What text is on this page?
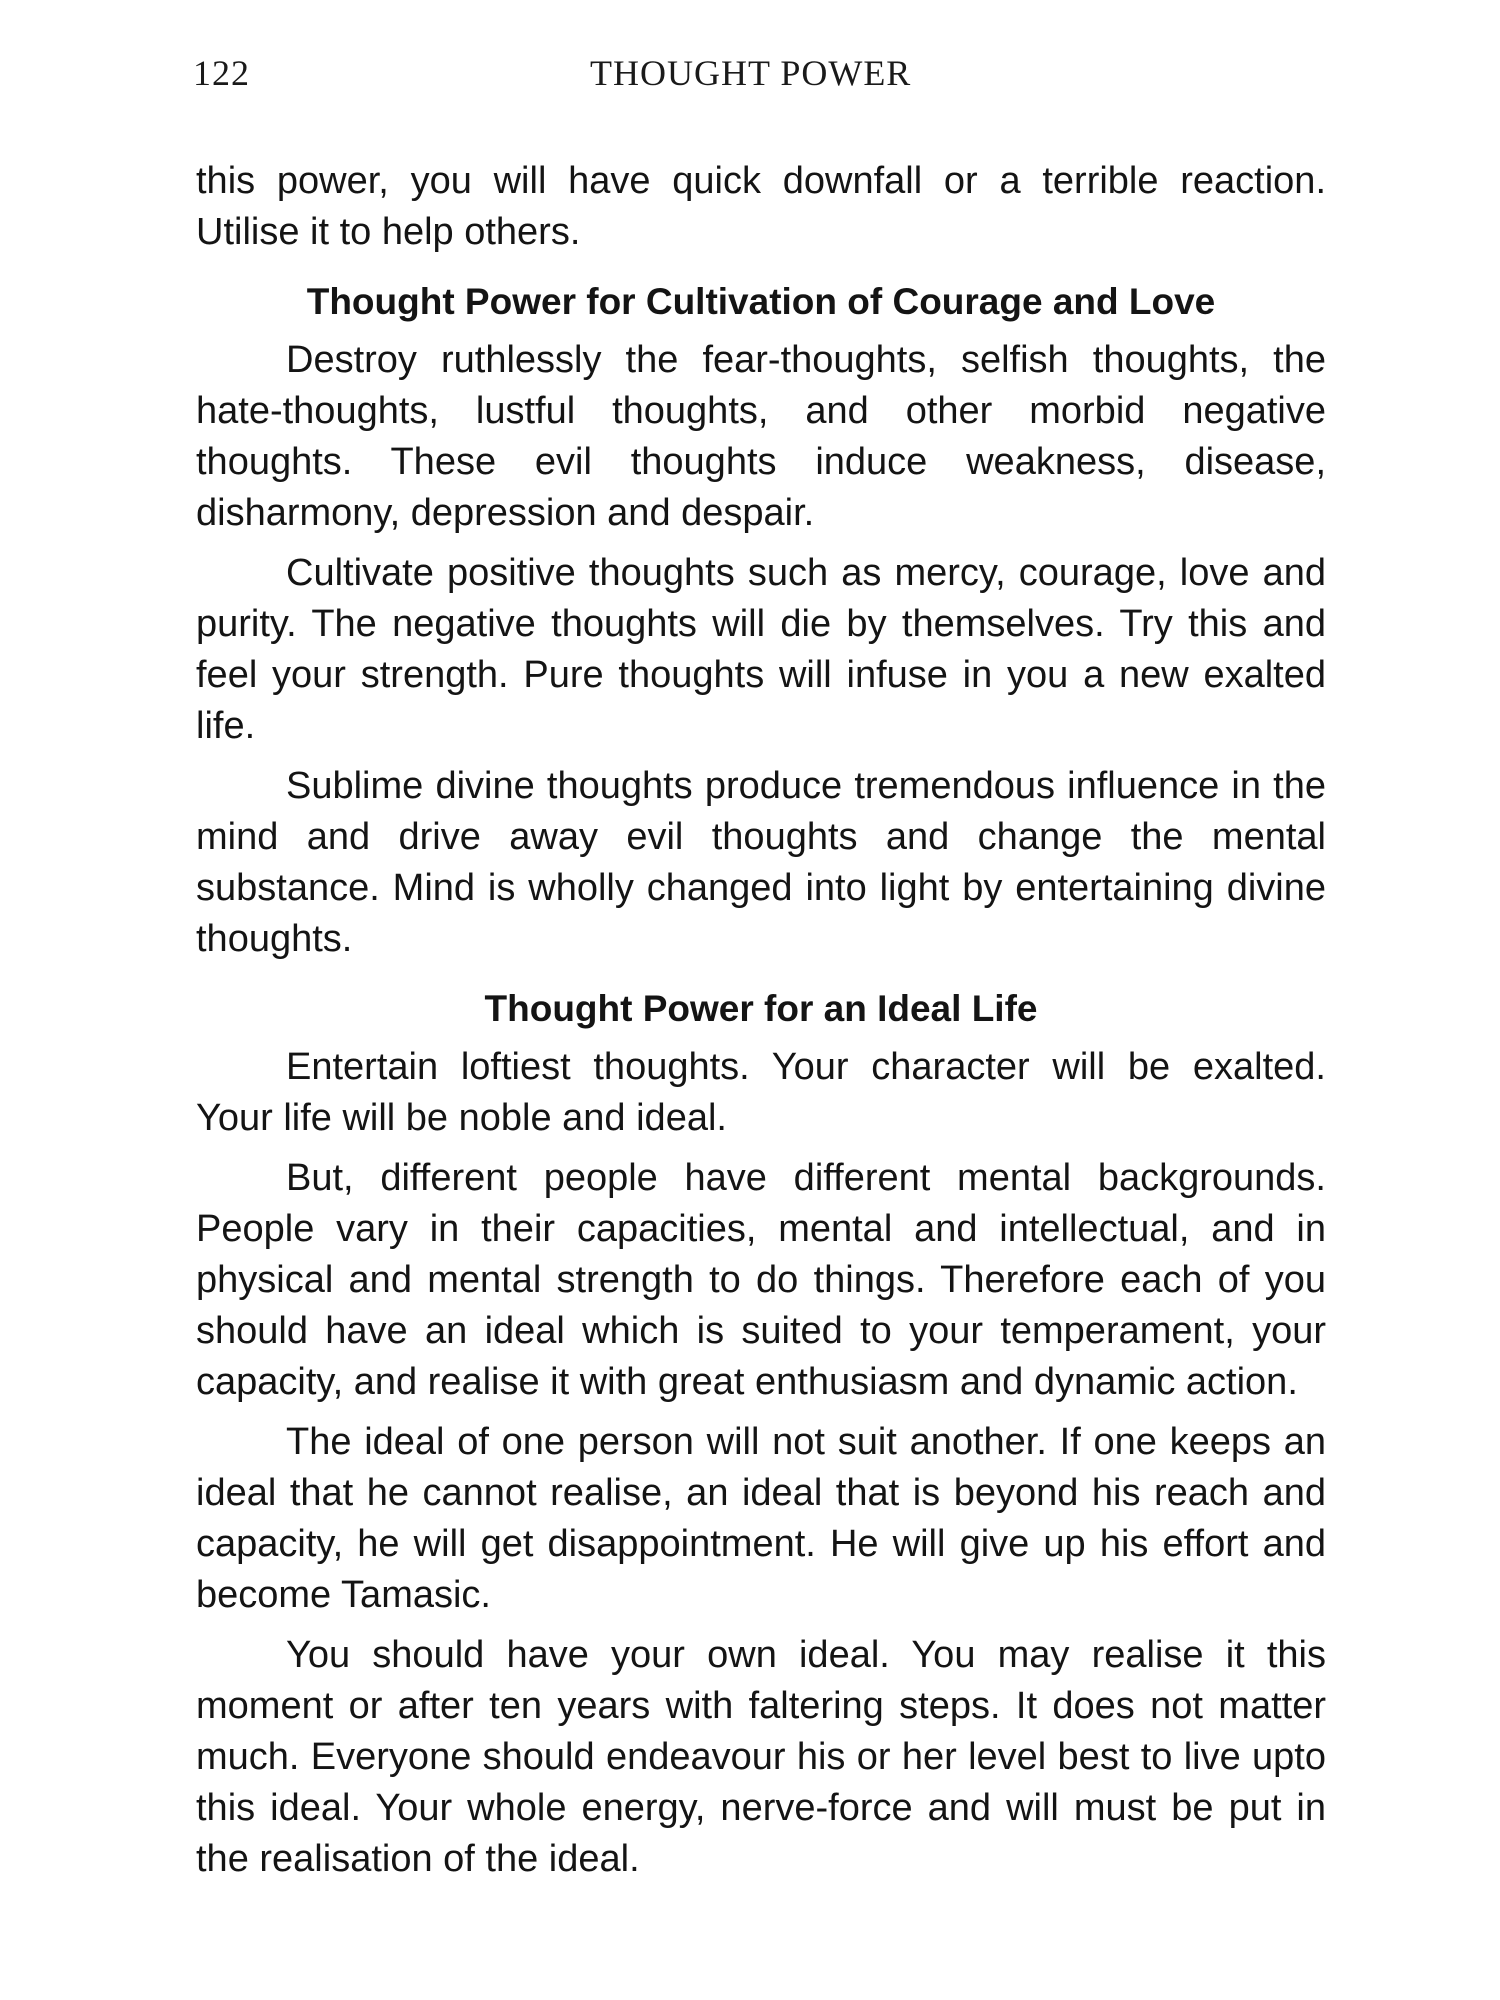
122	THOUGHT POWER

this power, you will have quick downfall or a terrible reaction. Utilise it to help others.

Thought Power for Cultivation of Courage and Love

Destroy ruthlessly the fear-thoughts, selfish thoughts, the hate-thoughts, lustful thoughts, and other morbid negative thoughts. These evil thoughts induce weakness, disease, disharmony, depression and despair.

Cultivate positive thoughts such as mercy, courage, love and purity. The negative thoughts will die by themselves. Try this and feel your strength. Pure thoughts will infuse in you a new exalted life.

Sublime divine thoughts produce tremendous influence in the mind and drive away evil thoughts and change the mental substance. Mind is wholly changed into light by entertaining divine thoughts.

Thought Power for an Ideal Life

Entertain loftiest thoughts. Your character will be exalted. Your life will be noble and ideal.

But, different people have different mental backgrounds. People vary in their capacities, mental and intellectual, and in physical and mental strength to do things. Therefore each of you should have an ideal which is suited to your temperament, your capacity, and realise it with great enthusiasm and dynamic action.

The ideal of one person will not suit another. If one keeps an ideal that he cannot realise, an ideal that is beyond his reach and capacity, he will get disappointment. He will give up his effort and become Tamasic.

You should have your own ideal. You may realise it this moment or after ten years with faltering steps. It does not matter much. Everyone should endeavour his or her level best to live upto this ideal. Your whole energy, nerve-force and will must be put in the realisation of the ideal.
